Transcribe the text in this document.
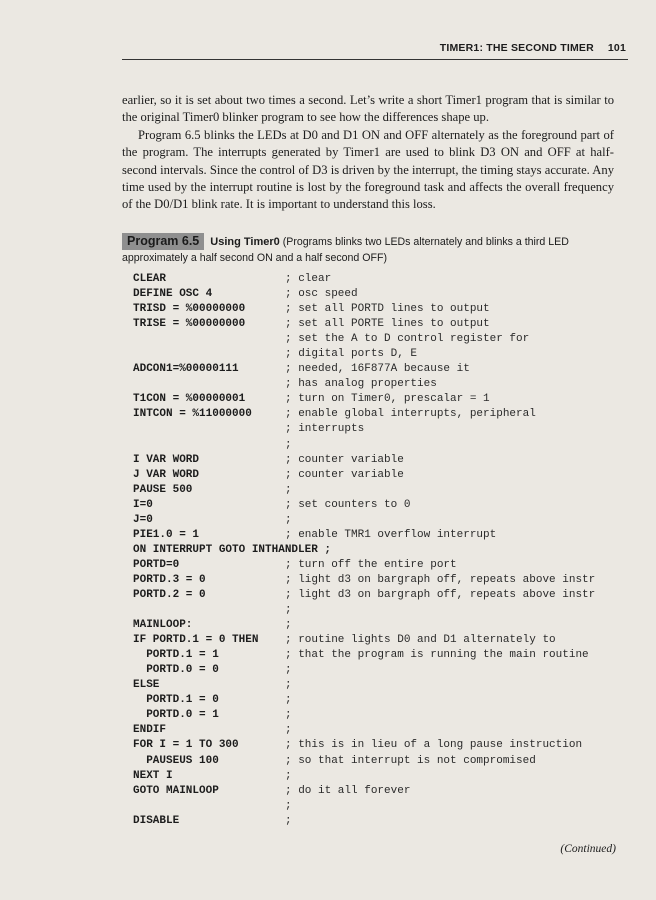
TIMER1: THE SECOND TIMER 101

earlier, so it is set about two times a second. Let’s write a short Timer1 program that is similar to the original Timer0 blinker program to see how the differences shape up.

Program 6.5 blinks the LEDs at D0 and D1 ON and OFF alternately as the foreground part of the program. The interrupts generated by Timer1 are used to blink D3 ON and OFF at half-second intervals. Since the control of D3 is driven by the interrupt, the timing stays accurate. Any time used by the interrupt routine is lost by the foreground task and affects the overall frequency of the D0/D1 blink rate. It is important to understand this loss.

Program 6.5 Using Timer0 (Programs blinks two LEDs alternately and blinks a third LED approximately a half second ON and a half second OFF)
CLEAR	; clear
DEFINE OSC 4	; osc speed
TRISD = %00000000	; set all PORTD lines to output
TRISE = %00000000	; set all PORTE lines to output
; set the A to D control register for
; digital ports D, E
ADCON1=%00000111	; needed, 16F877A because it
; has analog properties
T1CON = %00000001	; turn on Timer0, prescalar = 1
INTCON = %11000000	; enable global interrupts, peripheral
; interrupts
;
I VAR WORD	; counter variable
J VAR WORD	; counter variable
PAUSE 500	;
I=0	; set counters to 0
J=0	;
PIE1.0 = 1	; enable TMR1 overflow interrupt
ON INTERRUPT GOTO INTHANDLER ;
PORTD=0	; turn off the entire port
PORTD.3 = 0	; light d3 on bargraph off, repeats above instr
PORTD.2 = 0	; light d3 on bargraph off, repeats above instr
;
MAINLOOP:	;
IF PORTD.1 = 0 THEN ; routine lights D0 and D1 alternately to
PORTD.1 = 1	; that the program is running the main routine
PORTD.0 = 0	;
ELSE	;
PORTD.1 = 0	;
PORTD.0 = 1	;
ENDIF	;
FOR I = 1 TO 300	; this is in lieu of a long pause instruction
PAUSEUS 100	; so that interrupt is not compromised
NEXT I	;
GOTO MAINLOOP	; do it all forever
;
DISABLE	;
(Continued)
